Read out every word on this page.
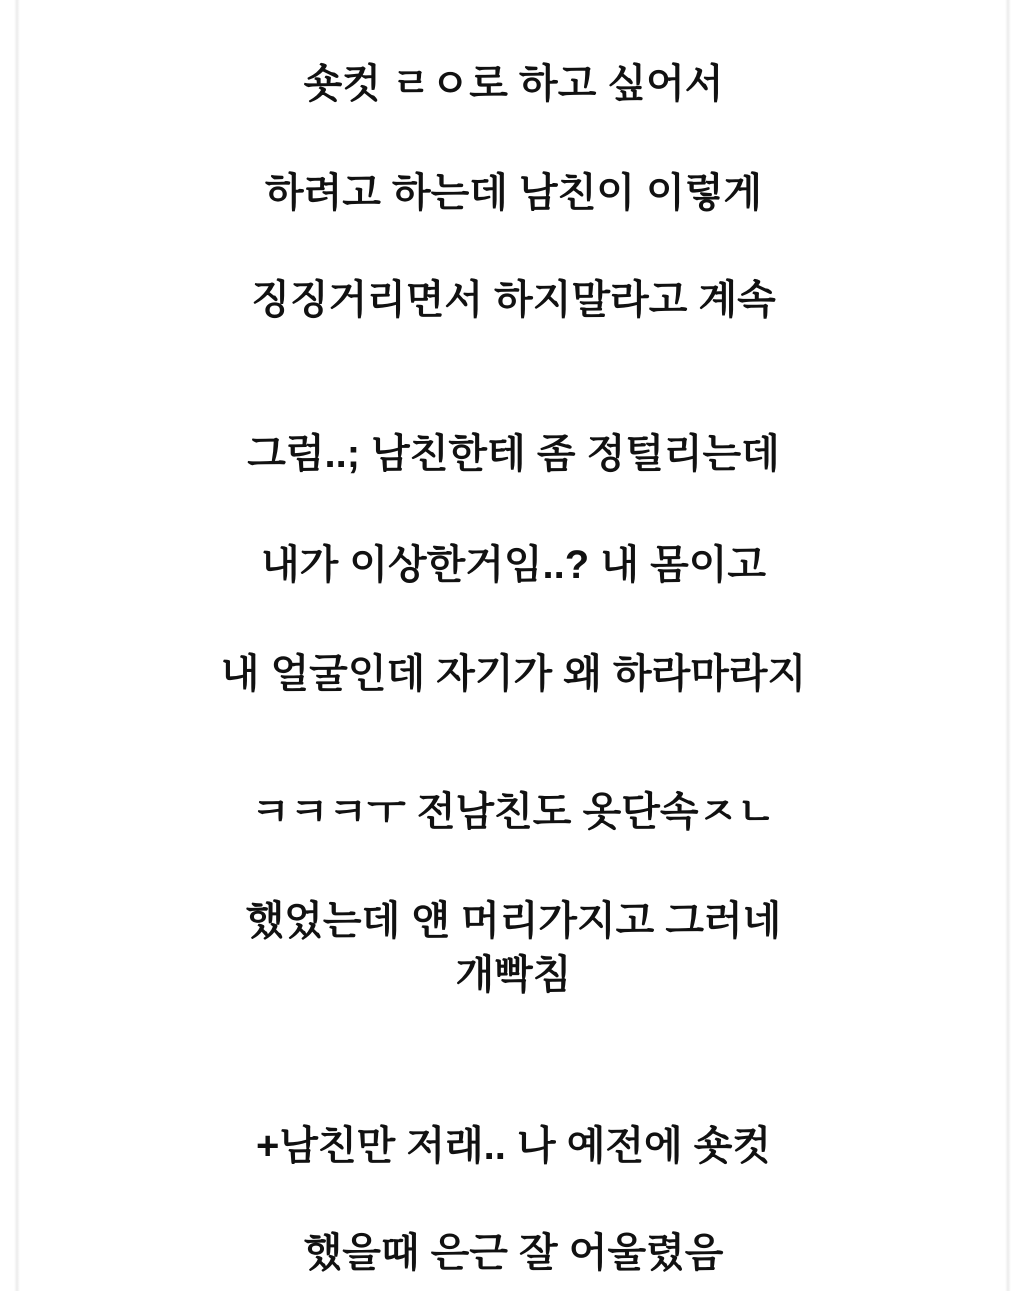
숏컷 ㄹㅇ로 하고 싶어서
하려고 하는데 남친이 이렇게
징징거리면서 하지말라고 계속
그럼..; 남친한테 좀 정털리는데
내가 이상한거임..? 내 몸이고
내 얼굴인데 자기가 왜 하라마라지
ㅋㅋㅋㅜ 전남친도 옷단속ㅈㄴ
했었는데 얜 머리가지고 그러네
개빡침
+남친만 저래.. 나 예전에 숏컷
했을때 은근 잘 어울렸음
